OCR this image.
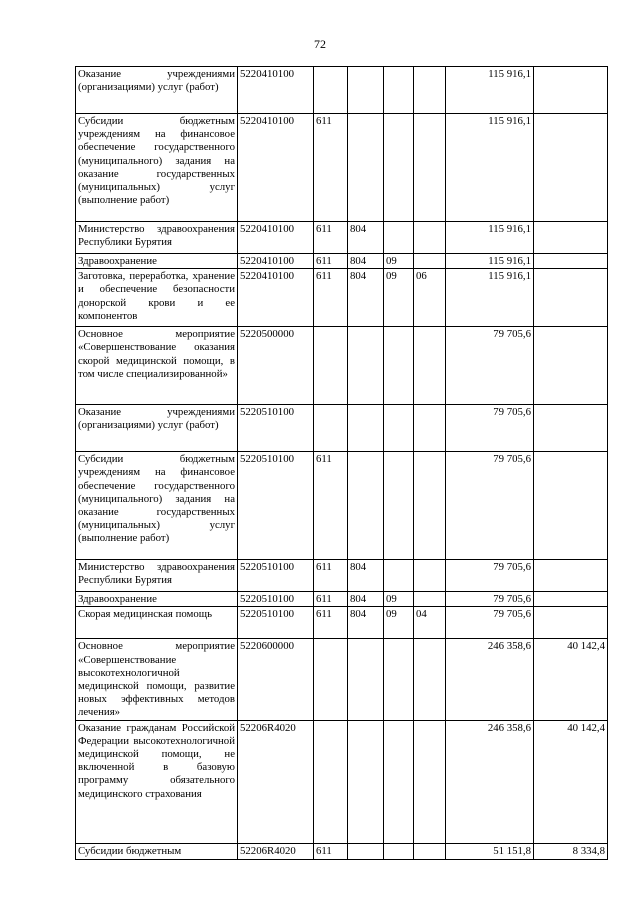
72
Оказание учреждениями (организациями) услуг (работ)	5220410100					115 916,1	
Субсидии бюджетным учреждениям на финансовое обеспечение государственного (муниципального) задания на оказание государственных (муниципальных) услуг (выполнение работ)	5220410100	611				115 916,1	
Министерство здравоохранения Республики Бурятия	5220410100	611	804			115 916,1	
Здравоохранение	5220410100	611	804	09		115 916,1	
Заготовка, переработка, хранение и обеспечение безопасности донорской крови и ее компонентов	5220410100	611	804	09	06	115 916,1	
Основное мероприятие «Совершенствование оказания скорой медицинской помощи, в том числе специализированной»	5220500000					79 705,6	
Оказание учреждениями (организациями) услуг (работ)	5220510100					79 705,6	
Субсидии бюджетным учреждениям на финансовое обеспечение государственного (муниципального) задания на оказание государственных (муниципальных) услуг (выполнение работ)	5220510100	611				79 705,6	
Министерство здравоохранения Республики Бурятия	5220510100	611	804			79 705,6	
Здравоохранение	5220510100	611	804	09		79 705,6	
Скорая медицинская помощь	5220510100	611	804	09	04	79 705,6	
Основное мероприятие «Совершенствование высокотехнологичной медицинской помощи, развитие новых эффективных методов лечения»	5220600000					246 358,6	40 142,4
Оказание гражданам Российской Федерации высокотехнологичной медицинской помощи, не включенной в базовую программу обязательного медицинского страхования	52206R4020					246 358,6	40 142,4
Субсидии бюджетным	52206R4020	611				51 151,8	8 334,8
